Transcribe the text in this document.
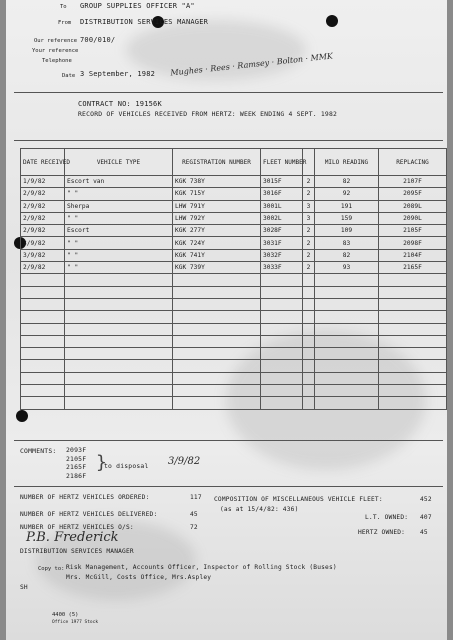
To GROUP SUPPLIES OFFICER "A"
From DISTRIBUTION SERVICES MANAGER
Our reference 700/010/
Your reference
Telephone
Date 3 September, 1982 Mughes · Rees · Ramsey · Bolton · MMK
CONTRACT NO: 19156K
RECORD OF VEHICLES RECEIVED FROM HERTZ: WEEK ENDING 4 SEPT. 1982
DATE RECEIVED	VEHICLE TYPE	REGISTRATION NUMBER	FLEET NUMBER		MILO READING	REPLACING
1/9/82	Escort van	KGK 738Y	3015F	2	82	2107F
2/9/82	" "	KGK 715Y	3016F	2	92	2095F
2/9/82	Sherpa	LHW 791Y	3001L	3	191	2089L
2/9/82	" "	LHW 792Y	3002L	3	159	2090L
2/9/82	Escort	KGK 277Y	3028F	2	109	2105F
3/9/82	" "	KGK 724Y	3031F	2	83	2098F
3/9/82	" "	KGK 741Y	3032F	2	82	2104F
2/9/82	" "	KGK 739Y	3033F	2	93	2165F

COMMENTS: 2093F
2105F
2165F
2186F
}
to disposal 3/9/82
NUMBER OF HERTZ VEHICLES ORDERED:	117
NUMBER OF HERTZ VEHICLES DELIVERED:	45
NUMBER OF HERTZ VEHICLES O/S:	72
COMPOSITION OF MISCELLANEOUS VEHICLE FLEET:	452
(as at 15/4/82: 436)
L.T. OWNED: 407
HERTZ OWNED: 45
P.B. Frederick
DISTRIBUTION SERVICES MANAGER
Copy to: Risk Management, Accounts Officer, Inspector of Rolling Stock (Buses)
Mrs. McGill, Costs Office, Mrs.Aspley
SH
4400 (5)
Office 1977 Stock
